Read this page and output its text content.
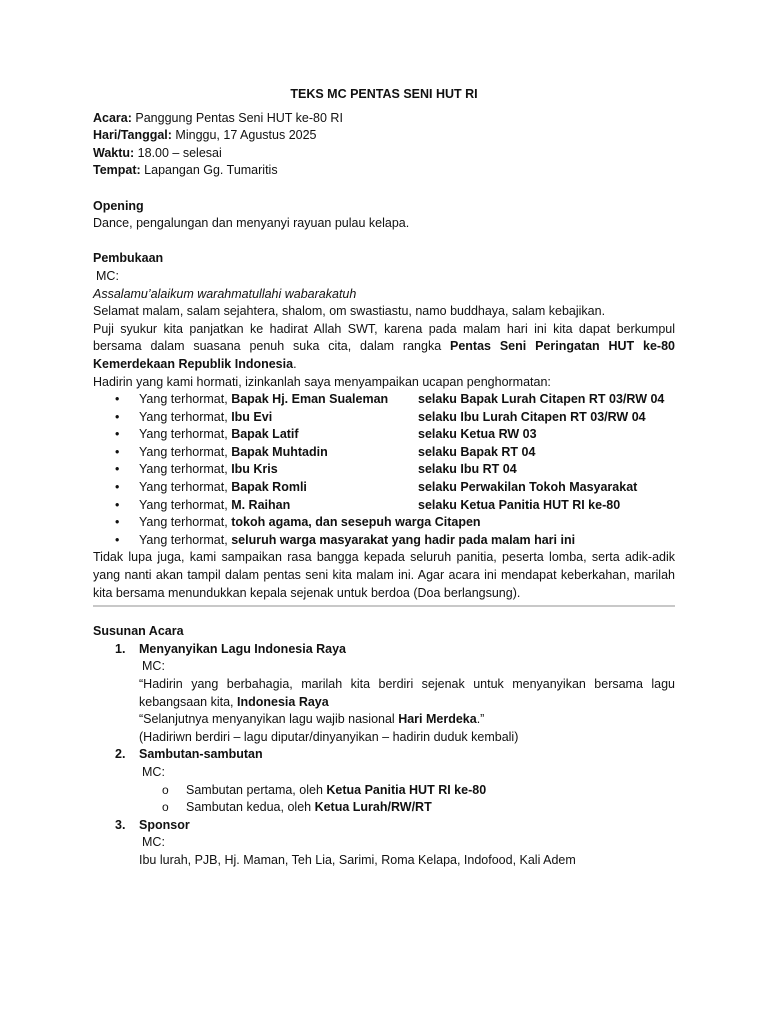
TEKS MC PENTAS SENI HUT RI
Acara: Panggung Pentas Seni HUT ke-80 RI
Hari/Tanggal: Minggu, 17 Agustus 2025
Waktu: 18.00 – selesai
Tempat: Lapangan Gg. Tumaritis
Opening
Dance, pengalungan dan menyanyi rayuan pulau kelapa.
Pembukaan
MC:
Assalamu’alaikum warahmatullahi wabarakatuh
Selamat malam, salam sejahtera, shalom, om swastiastu, namo buddhaya, salam kebajikan.
Puji syukur kita panjatkan ke hadirat Allah SWT, karena pada malam hari ini kita dapat berkumpul bersama dalam suasana penuh suka cita, dalam rangka Pentas Seni Peringatan HUT ke-80 Kemerdekaan Republik Indonesia.
Hadirin yang kami hormati, izinkanlah saya menyampaikan ucapan penghormatan:
• Yang terhormat, Bapak Hj. Eman Sualeman	selaku Bapak Lurah Citapen RT 03/RW 04
• Yang terhormat, Ibu Evi	selaku Ibu Lurah Citapen RT 03/RW 04
• Yang terhormat, Bapak Latif	selaku Ketua RW 03
• Yang terhormat, Bapak Muhtadin	selaku Bapak RT 04
• Yang terhormat, Ibu Kris	selaku Ibu RT 04
• Yang terhormat, Bapak Romli	selaku Perwakilan Tokoh Masyarakat
• Yang terhormat, M. Raihan	selaku Ketua Panitia HUT RI ke-80
• Yang terhormat, tokoh agama, dan sesepuh warga Citapen
• Yang terhormat, seluruh warga masyarakat yang hadir pada malam hari ini
Tidak lupa juga, kami sampaikan rasa bangga kepada seluruh panitia, peserta lomba, serta adik-adik yang nanti akan tampil dalam pentas seni kita malam ini. Agar acara ini mendapat keberkahan, marilah kita bersama menundukkan kepala sejenak untuk berdoa (Doa berlangsung).
Susunan Acara
1. Menyanyikan Lagu Indonesia Raya
MC:
“Hadirin yang berbahagia, marilah kita berdiri sejenak untuk menyanyikan bersama lagu kebangsaan kita, Indonesia Raya
“Selanjutnya menyanyikan lagu wajib nasional Hari Merdeka.”
(Hadiriwn berdiri – lagu diputar/dinyanyikan – hadirin duduk kembali)
2. Sambutan-sambutan
MC:
o Sambutan pertama, oleh Ketua Panitia HUT RI ke-80
o Sambutan kedua, oleh Ketua Lurah/RW/RT
3. Sponsor
MC:
Ibu lurah, PJB, Hj. Maman, Teh Lia, Sarimi, Roma Kelapa, Indofood, Kali Adem
